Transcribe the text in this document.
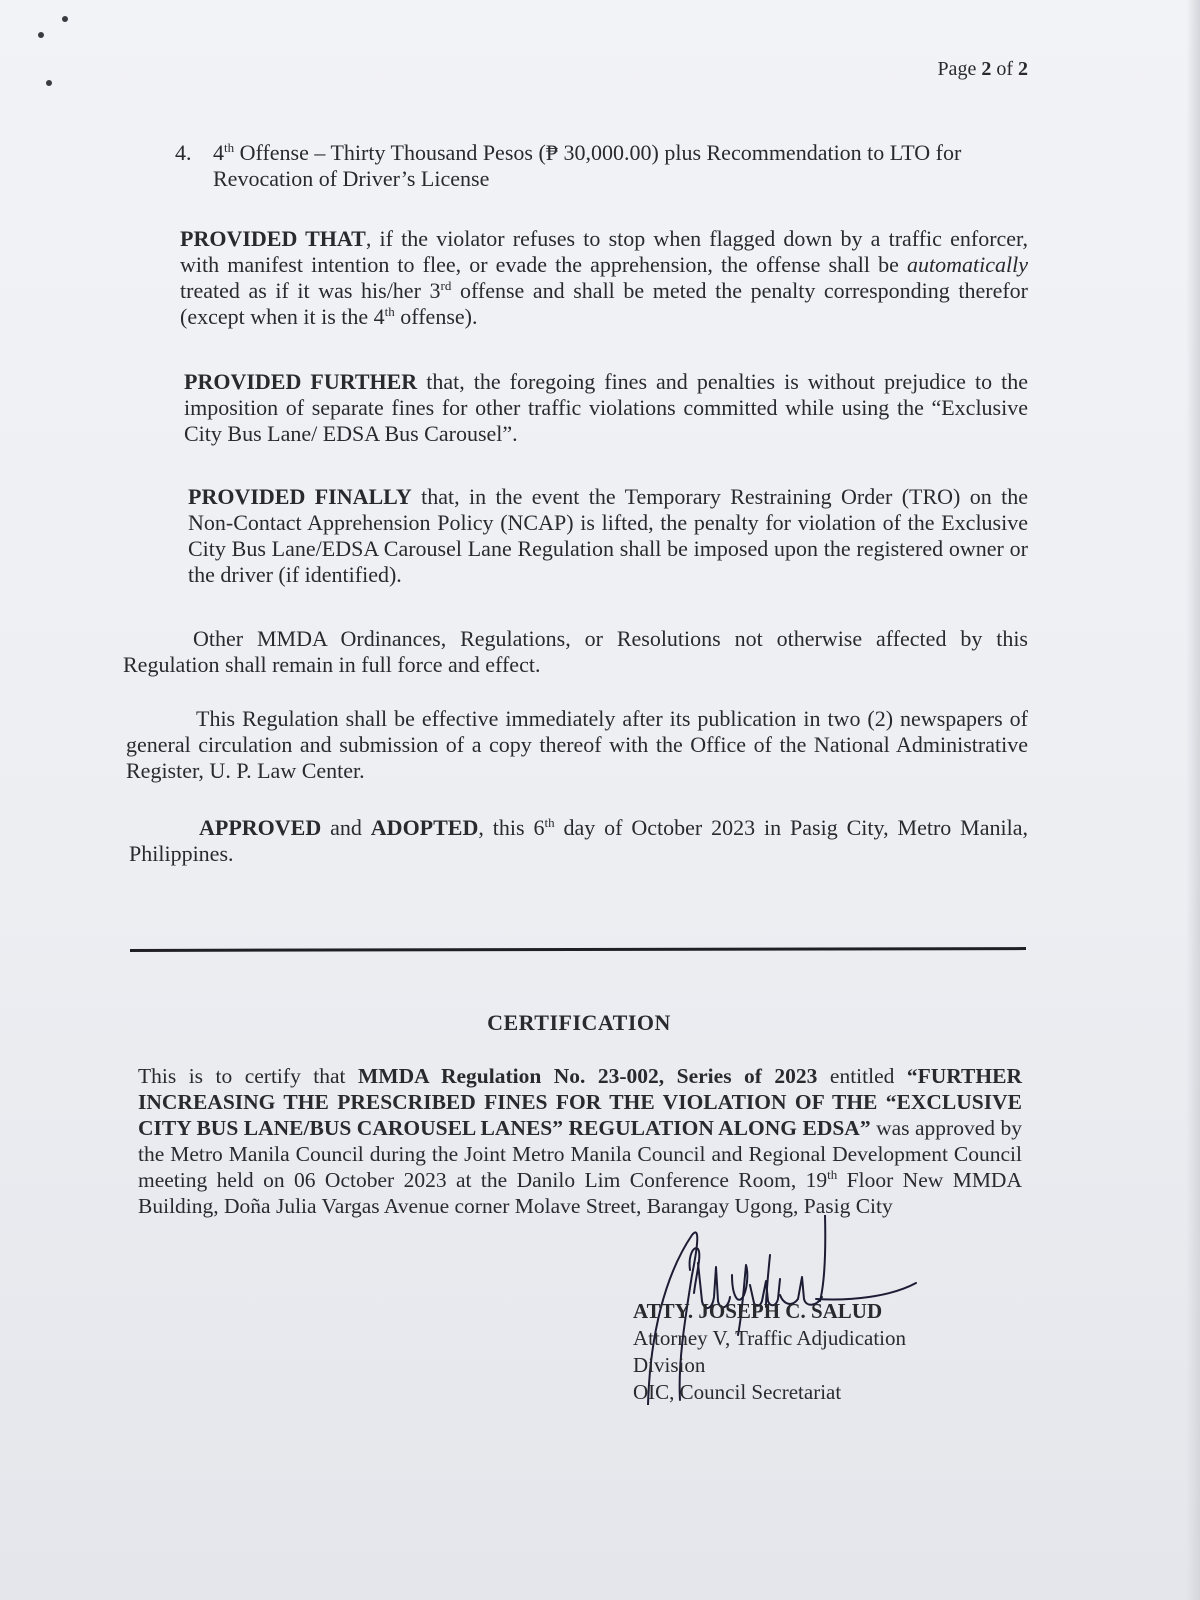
Page 2 of 2
4. 4th Offense – Thirty Thousand Pesos (₱ 30,000.00) plus Recommendation to LTO for Revocation of Driver’s License
PROVIDED THAT, if the violator refuses to stop when flagged down by a traffic enforcer, with manifest intention to flee, or evade the apprehension, the offense shall be automatically treated as if it was his/her 3rd offense and shall be meted the penalty corresponding therefor (except when it is the 4th offense).
PROVIDED FURTHER that, the foregoing fines and penalties is without prejudice to the imposition of separate fines for other traffic violations committed while using the “Exclusive City Bus Lane/ EDSA Bus Carousel”.
PROVIDED FINALLY that, in the event the Temporary Restraining Order (TRO) on the Non-Contact Apprehension Policy (NCAP) is lifted, the penalty for violation of the Exclusive City Bus Lane/EDSA Carousel Lane Regulation shall be imposed upon the registered owner or the driver (if identified).
Other MMDA Ordinances, Regulations, or Resolutions not otherwise affected by this Regulation shall remain in full force and effect.
This Regulation shall be effective immediately after its publication in two (2) newspapers of general circulation and submission of a copy thereof with the Office of the National Administrative Register, U. P. Law Center.
APPROVED and ADOPTED, this 6th day of October 2023 in Pasig City, Metro Manila, Philippines.
CERTIFICATION
This is to certify that MMDA Regulation No. 23-002, Series of 2023 entitled “FURTHER INCREASING THE PRESCRIBED FINES FOR THE VIOLATION OF THE “EXCLUSIVE CITY BUS LANE/BUS CAROUSEL LANES” REGULATION ALONG EDSA” was approved by the Metro Manila Council during the Joint Metro Manila Council and Regional Development Council meeting held on 06 October 2023 at the Danilo Lim Conference Room, 19th Floor New MMDA Building, Doña Julia Vargas Avenue corner Molave Street, Barangay Ugong, Pasig City
ATTY. JOSEPH C. SALUD
Attorney V, Traffic Adjudication
Division
OIC, Council Secretariat
